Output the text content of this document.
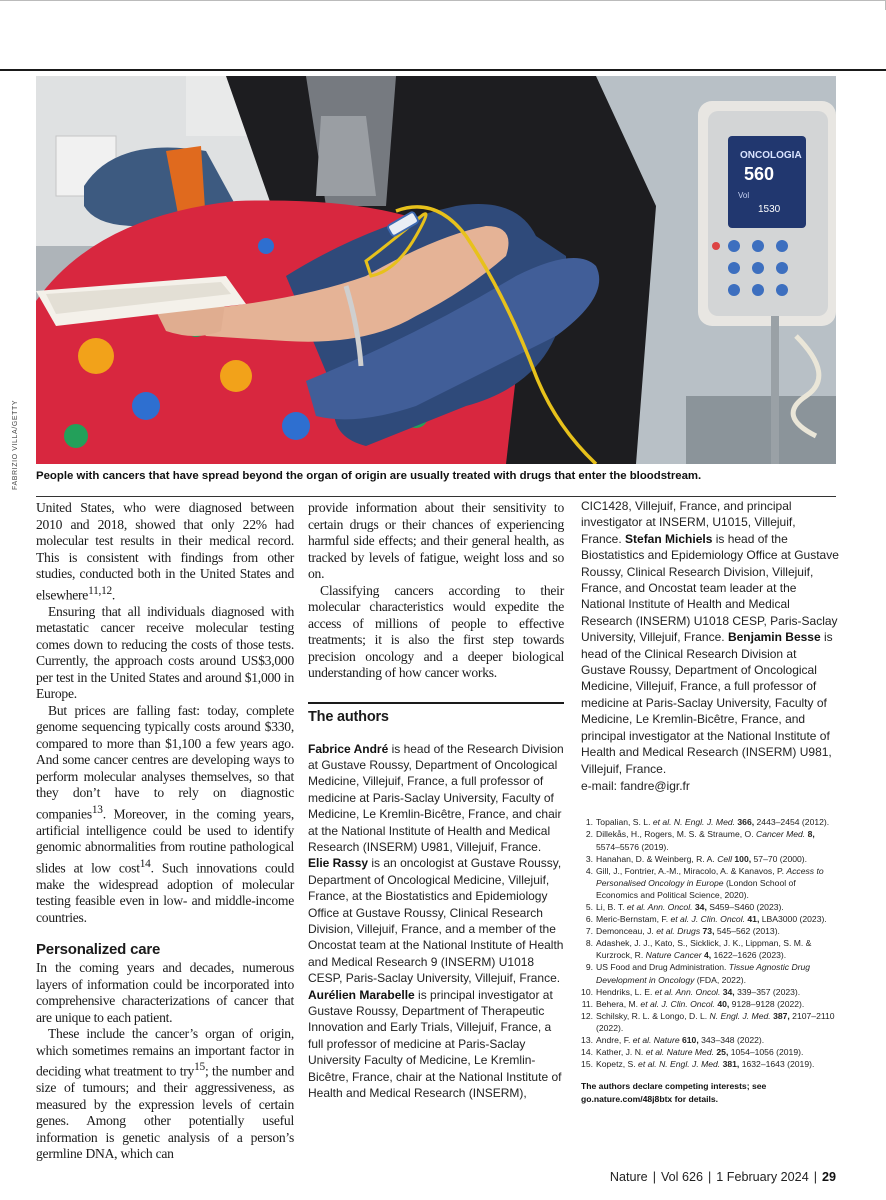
FABRIZIO VILLA/GETTY
ONCOLOGIA
560
Vol
1530
People with cancers that have spread beyond the organ of origin are usually treated with drugs that enter the bloodstream.

United States, who were diagnosed between 2010 and 2018, showed that only 22% had molecular test results in their medical record. This is consistent with findings from other studies, conducted both in the United States and elsewhere$^{11,12}$.

Ensuring that all individuals diagnosed with metastatic cancer receive molecular testing comes down to reducing the costs of those tests. Currently, the approach costs around US$3,000 per test in the United States and around $1,000 in Europe.

But prices are falling fast: today, complete genome sequencing typically costs around $330, compared to more than $1,100 a few years ago. And some cancer centres are developing ways to perform molecular analyses themselves, so that they don’t have to rely on diagnostic companies$^{13}$. Moreover, in the coming years, artificial intelligence could be used to identify genomic abnormalities from routine pathological slides at low cost$^{14}$. Such innovations could make the widespread adoption of molecular testing feasible even in low- and middle-income countries.

Personalized care

In the coming years and decades, numerous layers of information could be incorporated into comprehensive characterizations of cancer that are unique to each patient.

These include the cancer’s organ of origin, which sometimes remains an important factor in deciding what treatment to try$^{15}$; the number and size of tumours; and their aggressiveness, as measured by the expression levels of certain genes. Among other potentially useful information is genetic analysis of a person’s germline DNA, which can

provide information about their sensitivity to certain drugs or their chances of experiencing harmful side effects; and their general health, as tracked by levels of fatigue, weight loss and so on.

Classifying cancers according to their molecular characteristics would expedite the access of millions of people to effective treatments; it is also the first step towards precision oncology and a deeper biological understanding of how cancer works.

The authors

Fabrice André is head of the Research Division at Gustave Roussy, Department of Oncological Medicine, Villejuif, France, a full professor of medicine at Paris-Saclay University, Faculty of Medicine, Le Kremlin-Bicêtre, France, and chair at the National Institute of Health and Medical Research (INSERM) U981, Villejuif, France. Elie Rassy is an oncologist at Gustave Roussy, Department of Oncological Medicine, Villejuif, France, at the Biostatistics and Epidemiology Office at Gustave Roussy, Clinical Research Division, Villejuif, France, and a member of the Oncostat team at the National Institute of Health and Medical Research 9 (INSERM) U1018 CESP, Paris-Saclay University, Villejuif, France. Aurélien Marabelle is principal investigator at Gustave Roussy, Department of Therapeutic Innovation and Early Trials, Villejuif, France, a full professor of medicine at Paris-Saclay University Faculty of Medicine, Le Kremlin-Bicêtre, France, chair at the National Institute of Health and Medical Research (INSERM),

CIC1428, Villejuif, France, and principal investigator at INSERM, U1015, Villejuif, France. Stefan Michiels is head of the Biostatistics and Epidemiology Office at Gustave Roussy, Clinical Research Division, Villejuif, France, and Oncostat team leader at the National Institute of Health and Medical Research (INSERM) U1018 CESP, Paris-Saclay University, Villejuif, France. Benjamin Besse is head of the Clinical Research Division at Gustave Roussy, Department of Oncological Medicine, Villejuif, France, a full professor of medicine at Paris-Saclay University, Faculty of Medicine, Le Kremlin-Bicêtre, France, and principal investigator at the National Institute of Health and Medical Research (INSERM) U981, Villejuif, France.

e-mail: fandre@igr.fr

1. Topalian, S. L. et al. N. Engl. J. Med. 366, 2443–2454 (2012).
2. Dillekås, H., Rogers, M. S. & Straume, O. Cancer Med. 8, 5574–5576 (2019).
3. Hanahan, D. & Weinberg, R. A. Cell 100, 57–70 (2000).
4. Gill, J., Fontrier, A.-M., Miracolo, A. & Kanavos, P. Access to Personalised Oncology in Europe (London School of Economics and Political Science, 2020).
5. Li, B. T. et al. Ann. Oncol. 34, S459–S460 (2023).
6. Meric-Bernstam, F. et al. J. Clin. Oncol. 41, LBA3000 (2023).
7. Demonceau, J. et al. Drugs 73, 545–562 (2013).
8. Adashek, J. J., Kato, S., Sicklick, J. K., Lippman, S. M. & Kurzrock, R. Nature Cancer 4, 1622–1626 (2023).
9. US Food and Drug Administration. Tissue Agnostic Drug Development in Oncology (FDA, 2022).
10. Hendriks, L. E. et al. Ann. Oncol. 34, 339–357 (2023).
11. Behera, M. et al. J. Clin. Oncol. 40, 9128–9128 (2022).
12. Schilsky, R. L. & Longo, D. L. N. Engl. J. Med. 387, 2107–2110 (2022).
13. Andre, F. et al. Nature 610, 343–348 (2022).
14. Kather, J. N. et al. Nature Med. 25, 1054–1056 (2019).
15. Kopetz, S. et al. N. Engl. J. Med. 381, 1632–1643 (2019).

The authors declare competing interests; see go.nature.com/48j8btx for details.

Nature | Vol 626 | 1 February 2024 | 29
